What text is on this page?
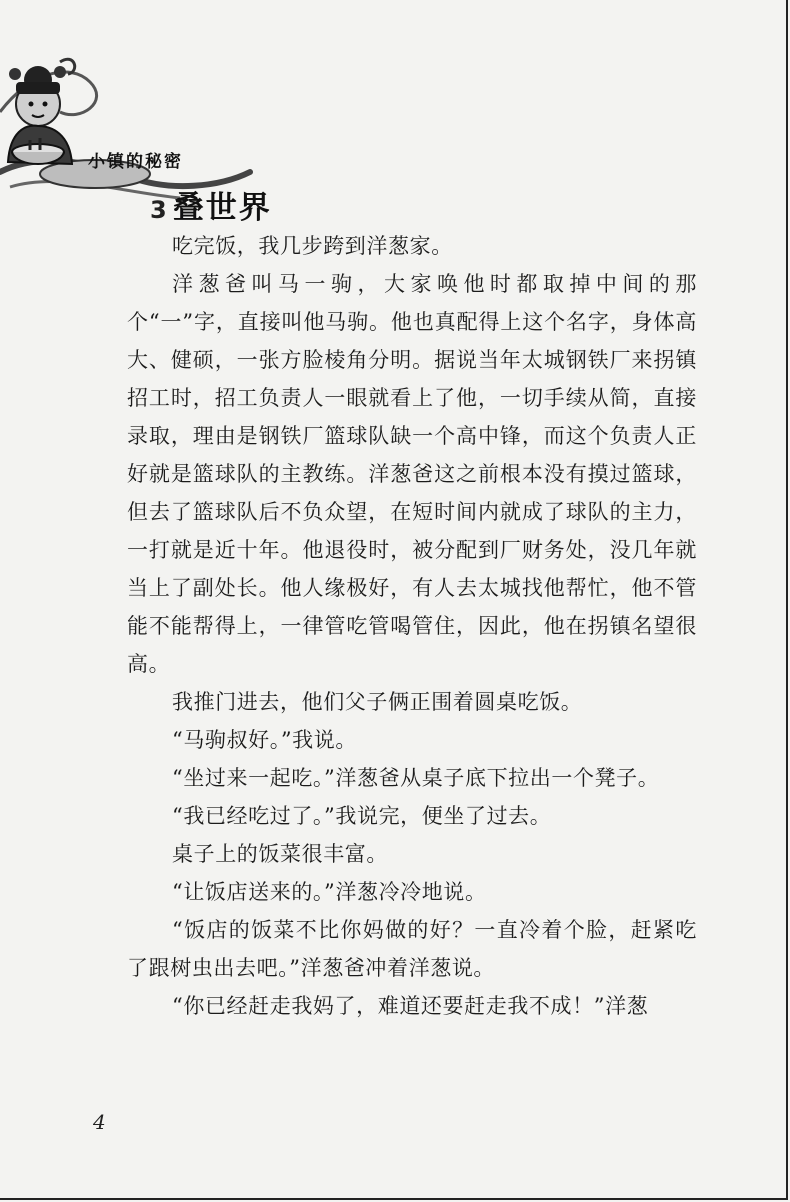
小镇的秘密
3 叠世界

吃完饭，我几步跨到洋葱家。

洋葱爸叫马一驹，大家唤他时都取掉中间的那个“一”字，直接叫他马驹。他也真配得上这个名字，身体高大、健硕，一张方脸棱角分明。据说当年太城钢铁厂来拐镇招工时，招工负责人一眼就看上了他，一切手续从简，直接录取，理由是钢铁厂篮球队缺一个高中锋，而这个负责人正好就是篮球队的主教练。洋葱爸这之前根本没有摸过篮球，但去了篮球队后不负众望，在短时间内就成了球队的主力，一打就是近十年。他退役时，被分配到厂财务处，没几年就当上了副处长。他人缘极好，有人去太城找他帮忙，他不管能不能帮得上，一律管吃管喝管住，因此，他在拐镇名望很高。

我推门进去，他们父子俩正围着圆桌吃饭。

“马驹叔好。”我说。

“坐过来一起吃。”洋葱爸从桌子底下拉出一个凳子。

“我已经吃过了。”我说完，便坐了过去。

桌子上的饭菜很丰富。

“让饭店送来的。”洋葱冷冷地说。

“饭店的饭菜不比你妈做的好？一直冷着个脸，赶紧吃了跟树虫出去吧。”洋葱爸冲着洋葱说。

“你已经赶走我妈了，难道还要赶走我不成！”洋葱

4
